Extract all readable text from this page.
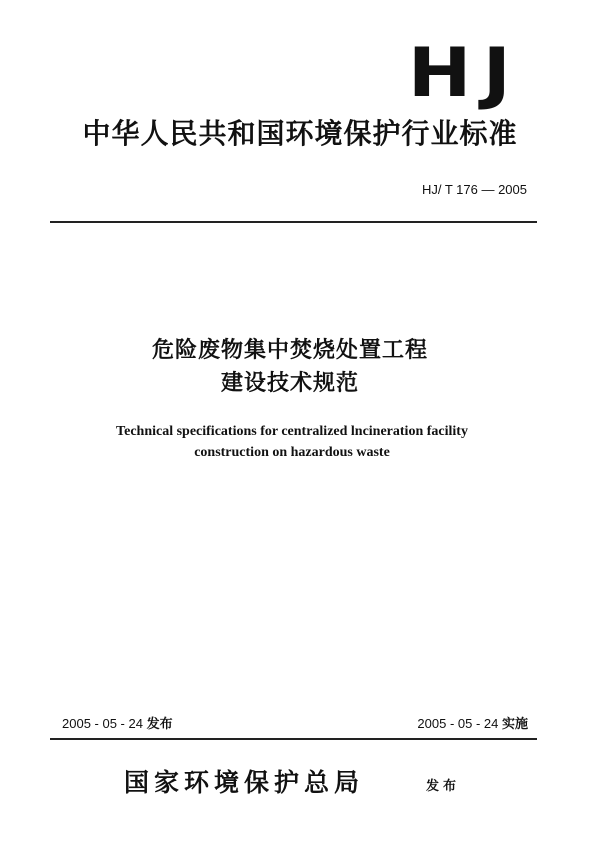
HJ
中华人民共和国环境保护行业标准
HJ/ T 176 — 2005
危险废物集中焚烧处置工程
建设技术规范
Technical specifications for centralized lncineration facility
construction on hazardous waste
2005 - 05 - 24 发布	2005 - 05 - 24 实施
国家环境保护总局	发布
